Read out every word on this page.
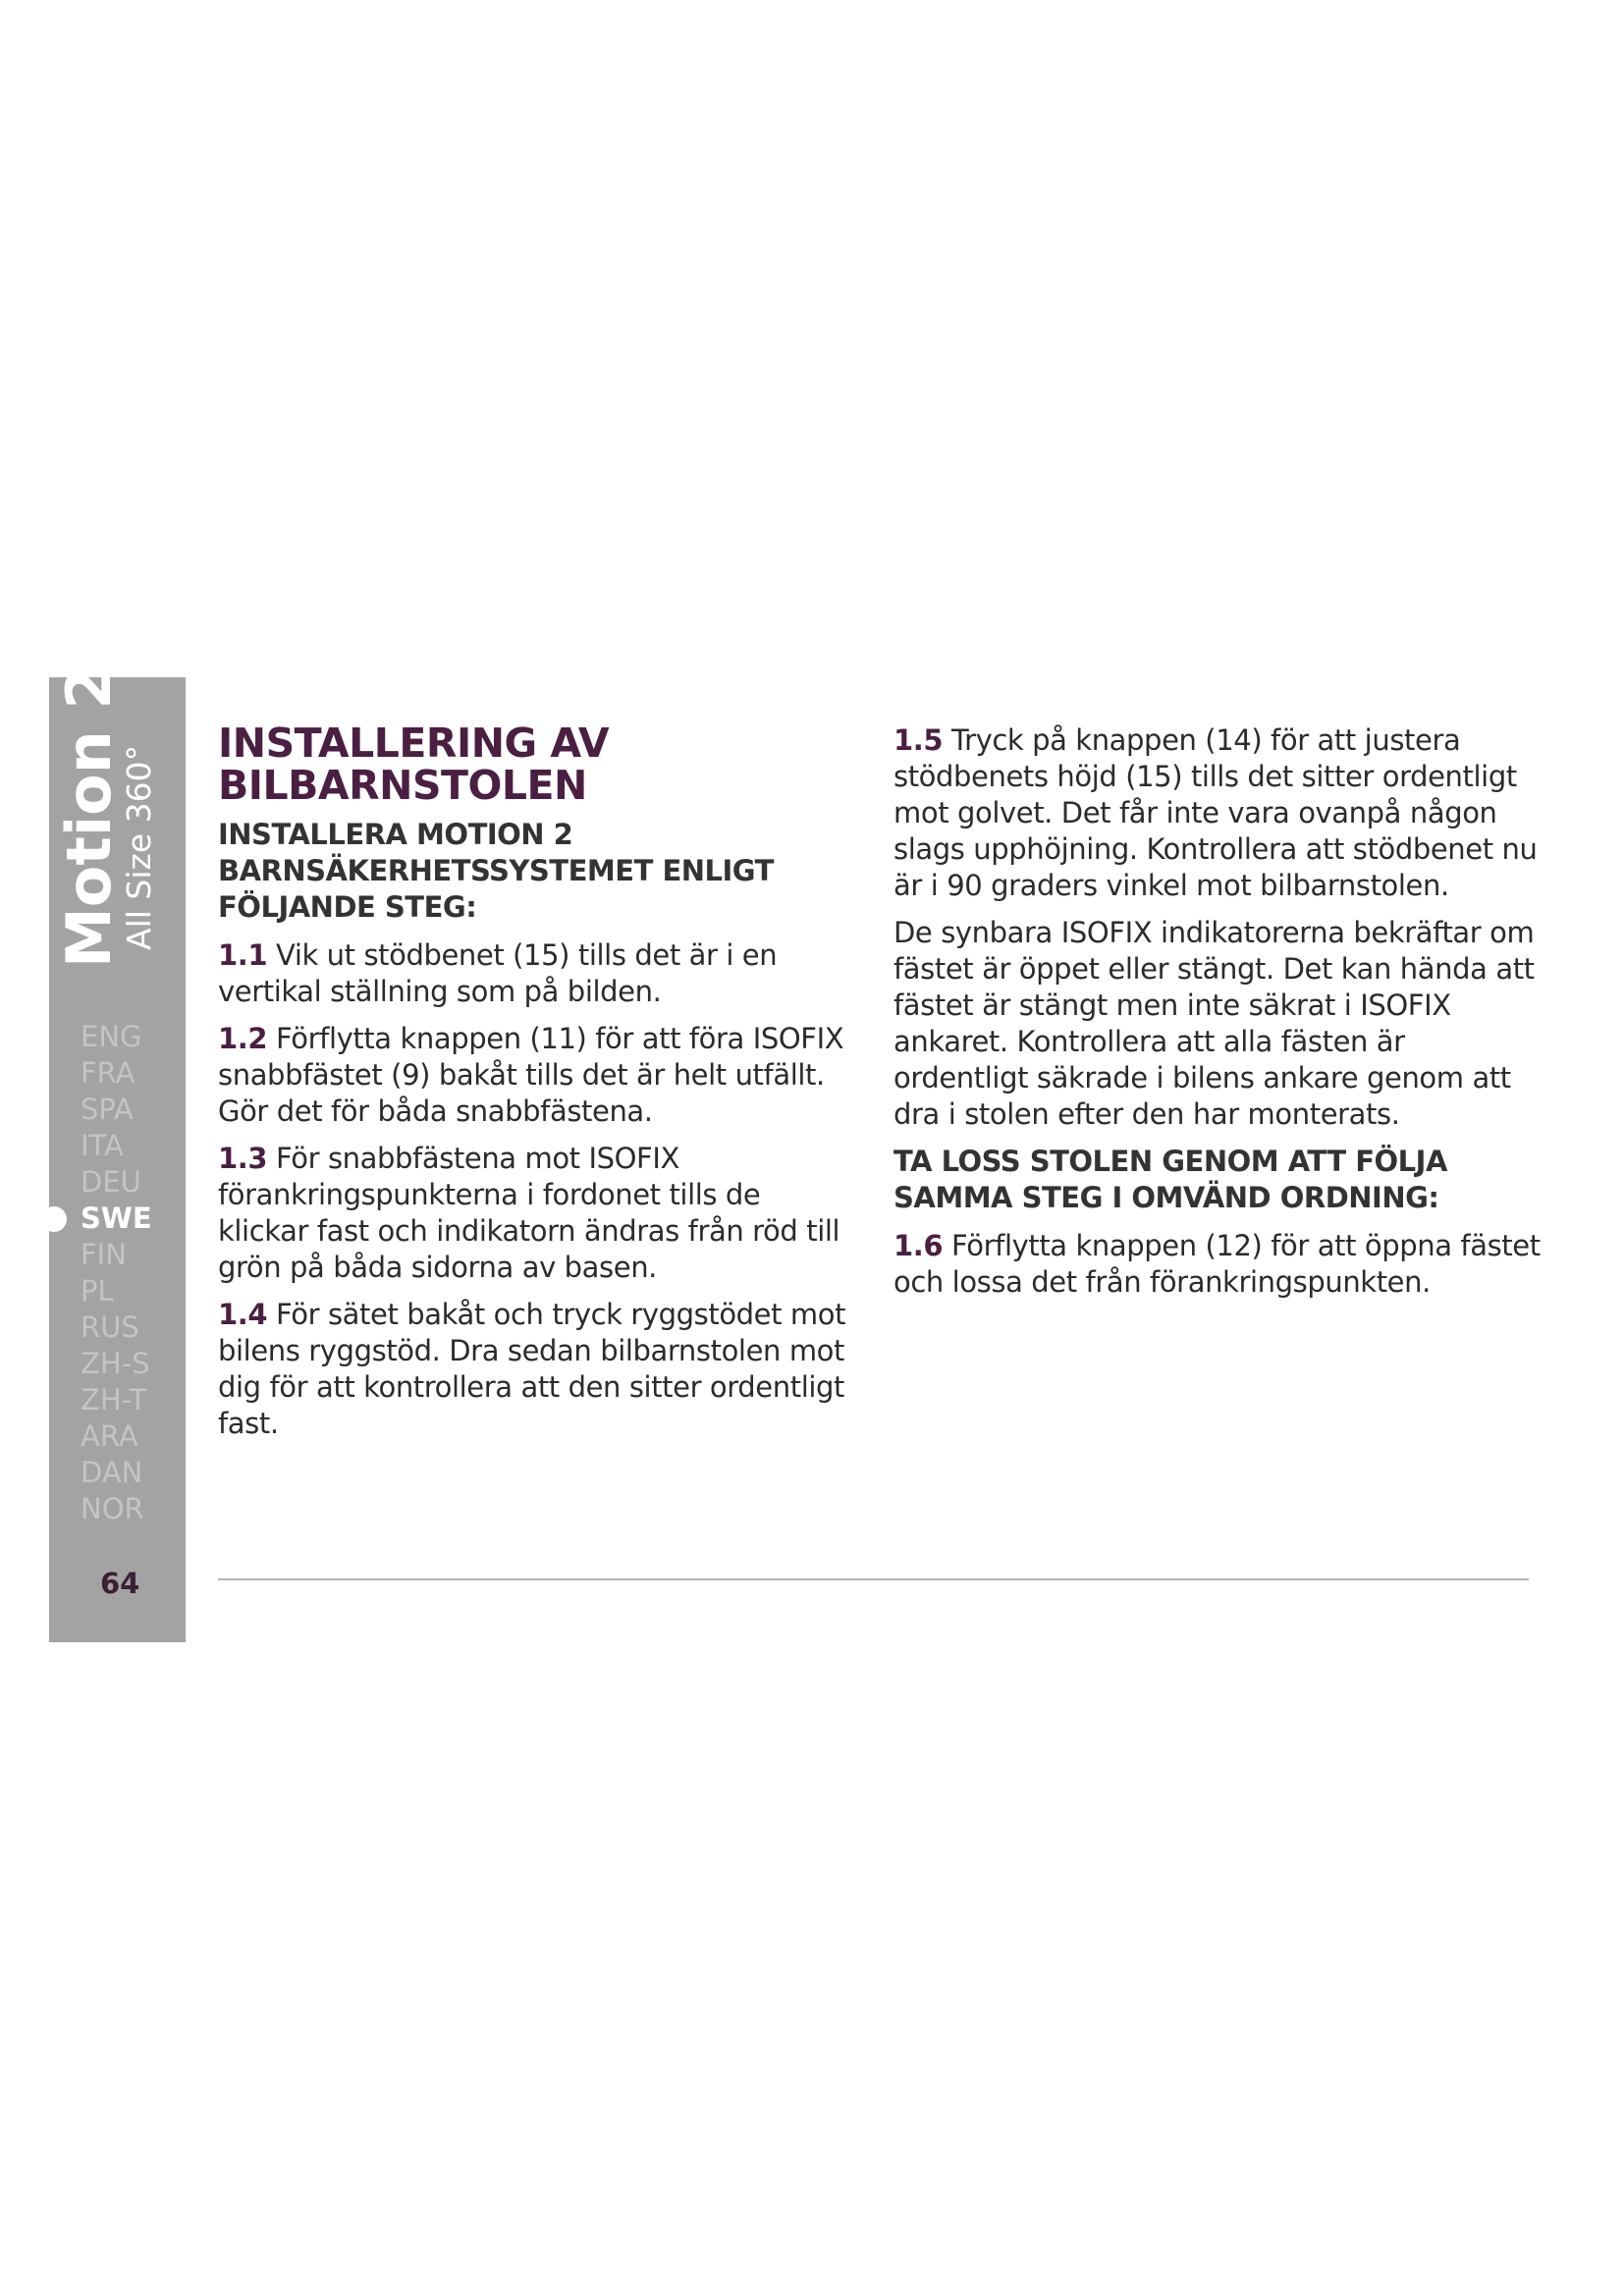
Motion 2
All Size 360°
ENG
FRA
SPA
ITA
DEU
SWE
FIN
PL
RUS
ZH-S
ZH-T
ARA
DAN
NOR
64
INSTALLERING AV BILBARNSTOLEN
INSTALLERA MOTION 2 BARNSÄKERHETSSYSTEMET ENLIGT FÖLJANDE STEG:

1.1 Vik ut stödbenet (15) tills det är i en vertikal ställning som på bilden.

1.2 Förflytta knappen (11) för att föra ISOFIX snabbfästet (9) bakåt tills det är helt utfällt. Gör det för båda snabbfästena.

1.3 För snabbfästena mot ISOFIX förankringspunkterna i fordonet tills de klickar fast och indikatorn ändras från röd till grön på båda sidorna av basen.

1.4 För sätet bakåt och tryck ryggstödet mot bilens ryggstöd. Dra sedan bilbarnstolen mot dig för att kontrollera att den sitter ordentligt fast.

1.5 Tryck på knappen (14) för att justera stödbenets höjd (15) tills det sitter ordentligt mot golvet. Det får inte vara ovanpå någon slags upphöjning. Kontrollera att stödbenet nu är i 90 graders vinkel mot bilbarnstolen.

De synbara ISOFIX indikatorerna bekräftar om fästet är öppet eller stängt. Det kan hända att fästet är stängt men inte säkrat i ISOFIX ankaret. Kontrollera att alla fästen är ordentligt säkrade i bilens ankare genom att dra i stolen efter den har monterats.

TA LOSS STOLEN GENOM ATT FÖLJA SAMMA STEG I OMVÄND ORDNING:

1.6 Förflytta knappen (12) för att öppna fästet och lossa det från förankringspunkten.
